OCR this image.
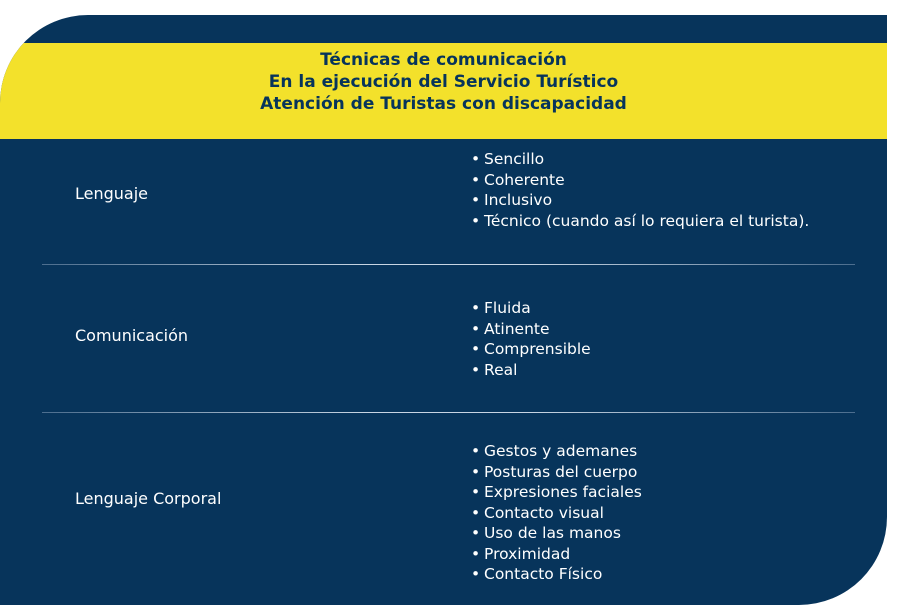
Técnicas de comunicación
En la ejecución del Servicio Turístico
Atención de Turistas con discapacidad
Lenguaje
• Sencillo
• Coherente
• Inclusivo
• Técnico (cuando así lo requiera el turista).
Comunicación
• Fluida
• Atinente
• Comprensible
• Real
Lenguaje Corporal
• Gestos y ademanes
• Posturas del cuerpo
• Expresiones faciales
• Contacto visual
• Uso de las manos
• Proximidad
• Contacto Físico
